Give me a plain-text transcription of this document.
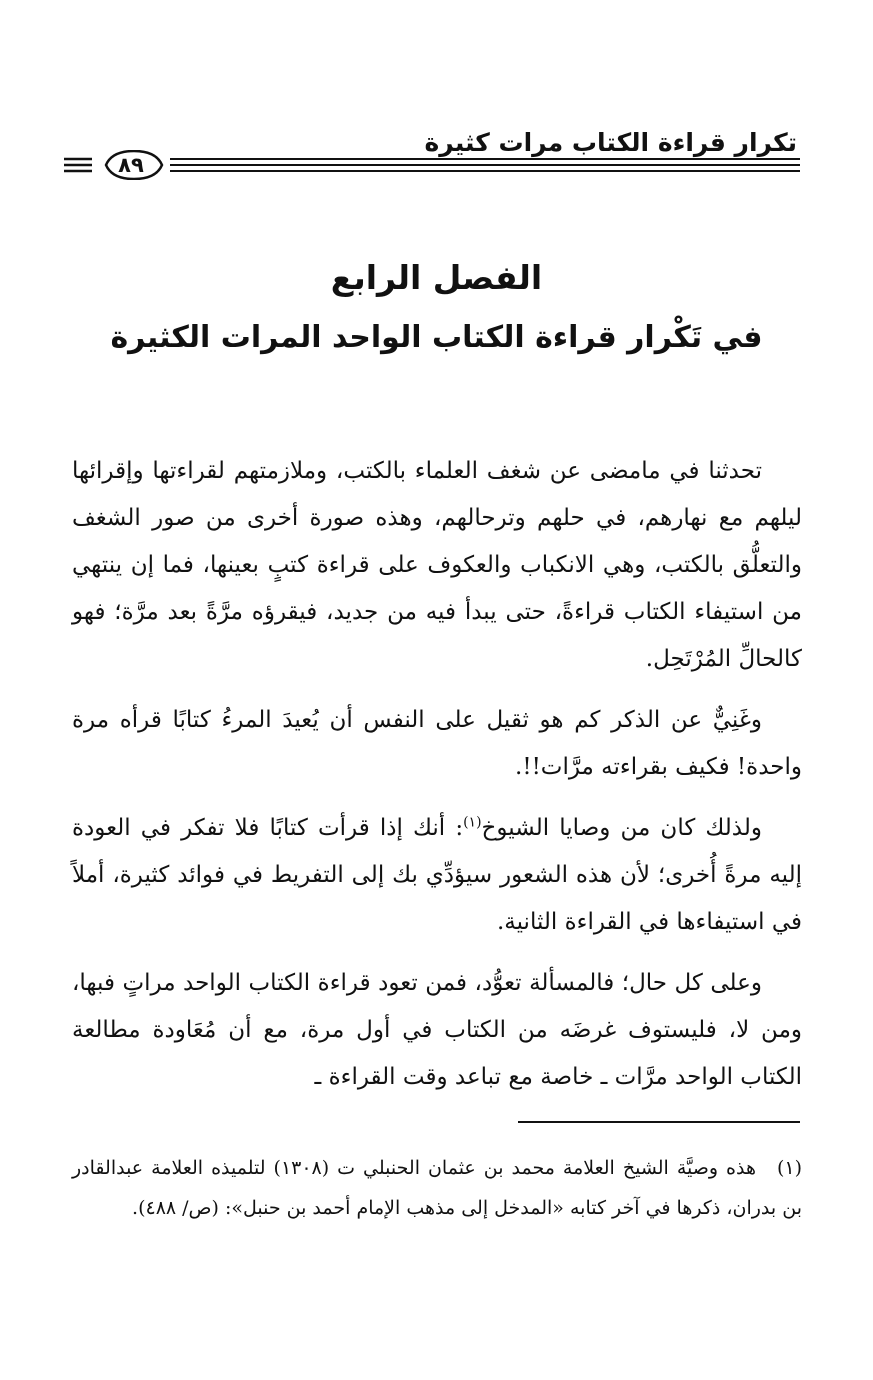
تكرار قراءة الكتاب مرات كثيرة
٨٩
الفصل الرابع
في تَكْرار قراءة الكتاب الواحد المرات الكثيرة

تحدثنا في مامضى عن شغف العلماء بالكتب، وملازمتهم لقراءتها وإقرائها ليلهم مع نهارهم، في حلهم وترحالهم، وهذه صورة أخرى من صور الشغف والتعلُّق بالكتب، وهي الانكباب والعكوف على قراءة كتبٍ بعينها، فما إن ينتهي من استيفاء الكتاب قراءةً، حتى يبدأ فيه من جديد، فيقرؤه مرَّةً بعد مرَّة؛ فهو كالحالِّ المُرْتَحِل.

وغَنِيٌّ عن الذكر كم هو ثقيل على النفس أن يُعيدَ المرءُ كتابًا قرأه مرة واحدة! فكيف بقراءته مرَّات!!.

ولذلك كان من وصايا الشيوخ$^{(١)}$: أنك إذا قرأت كتابًا فلا تفكر في العودة إليه مرةً أُخرى؛ لأن هذه الشعور سيؤدِّي بك إلى التفريط في فوائد كثيرة، أملاً في استيفاءها في القراءة الثانية.

وعلى كل حال؛ فالمسألة تعوُّد، فمن تعود قراءة الكتاب الواحد مراتٍ فبها، ومن لا، فليستوف غرضَه من الكتاب في أول مرة، مع أن مُعَاودة مطالعة الكتاب الواحد مرَّات ـ خاصة مع تباعد وقت القراءة ـ

(١)هذه وصيَّة الشيخ العلامة محمد بن عثمان الحنبلي ت (١٣٠٨) لتلميذه العلامة عبدالقادر بن بدران، ذكرها في آخر كتابه «المدخل إلى مذهب الإمام أحمد بن حنبل»: (ص/ ٤٨٨).
